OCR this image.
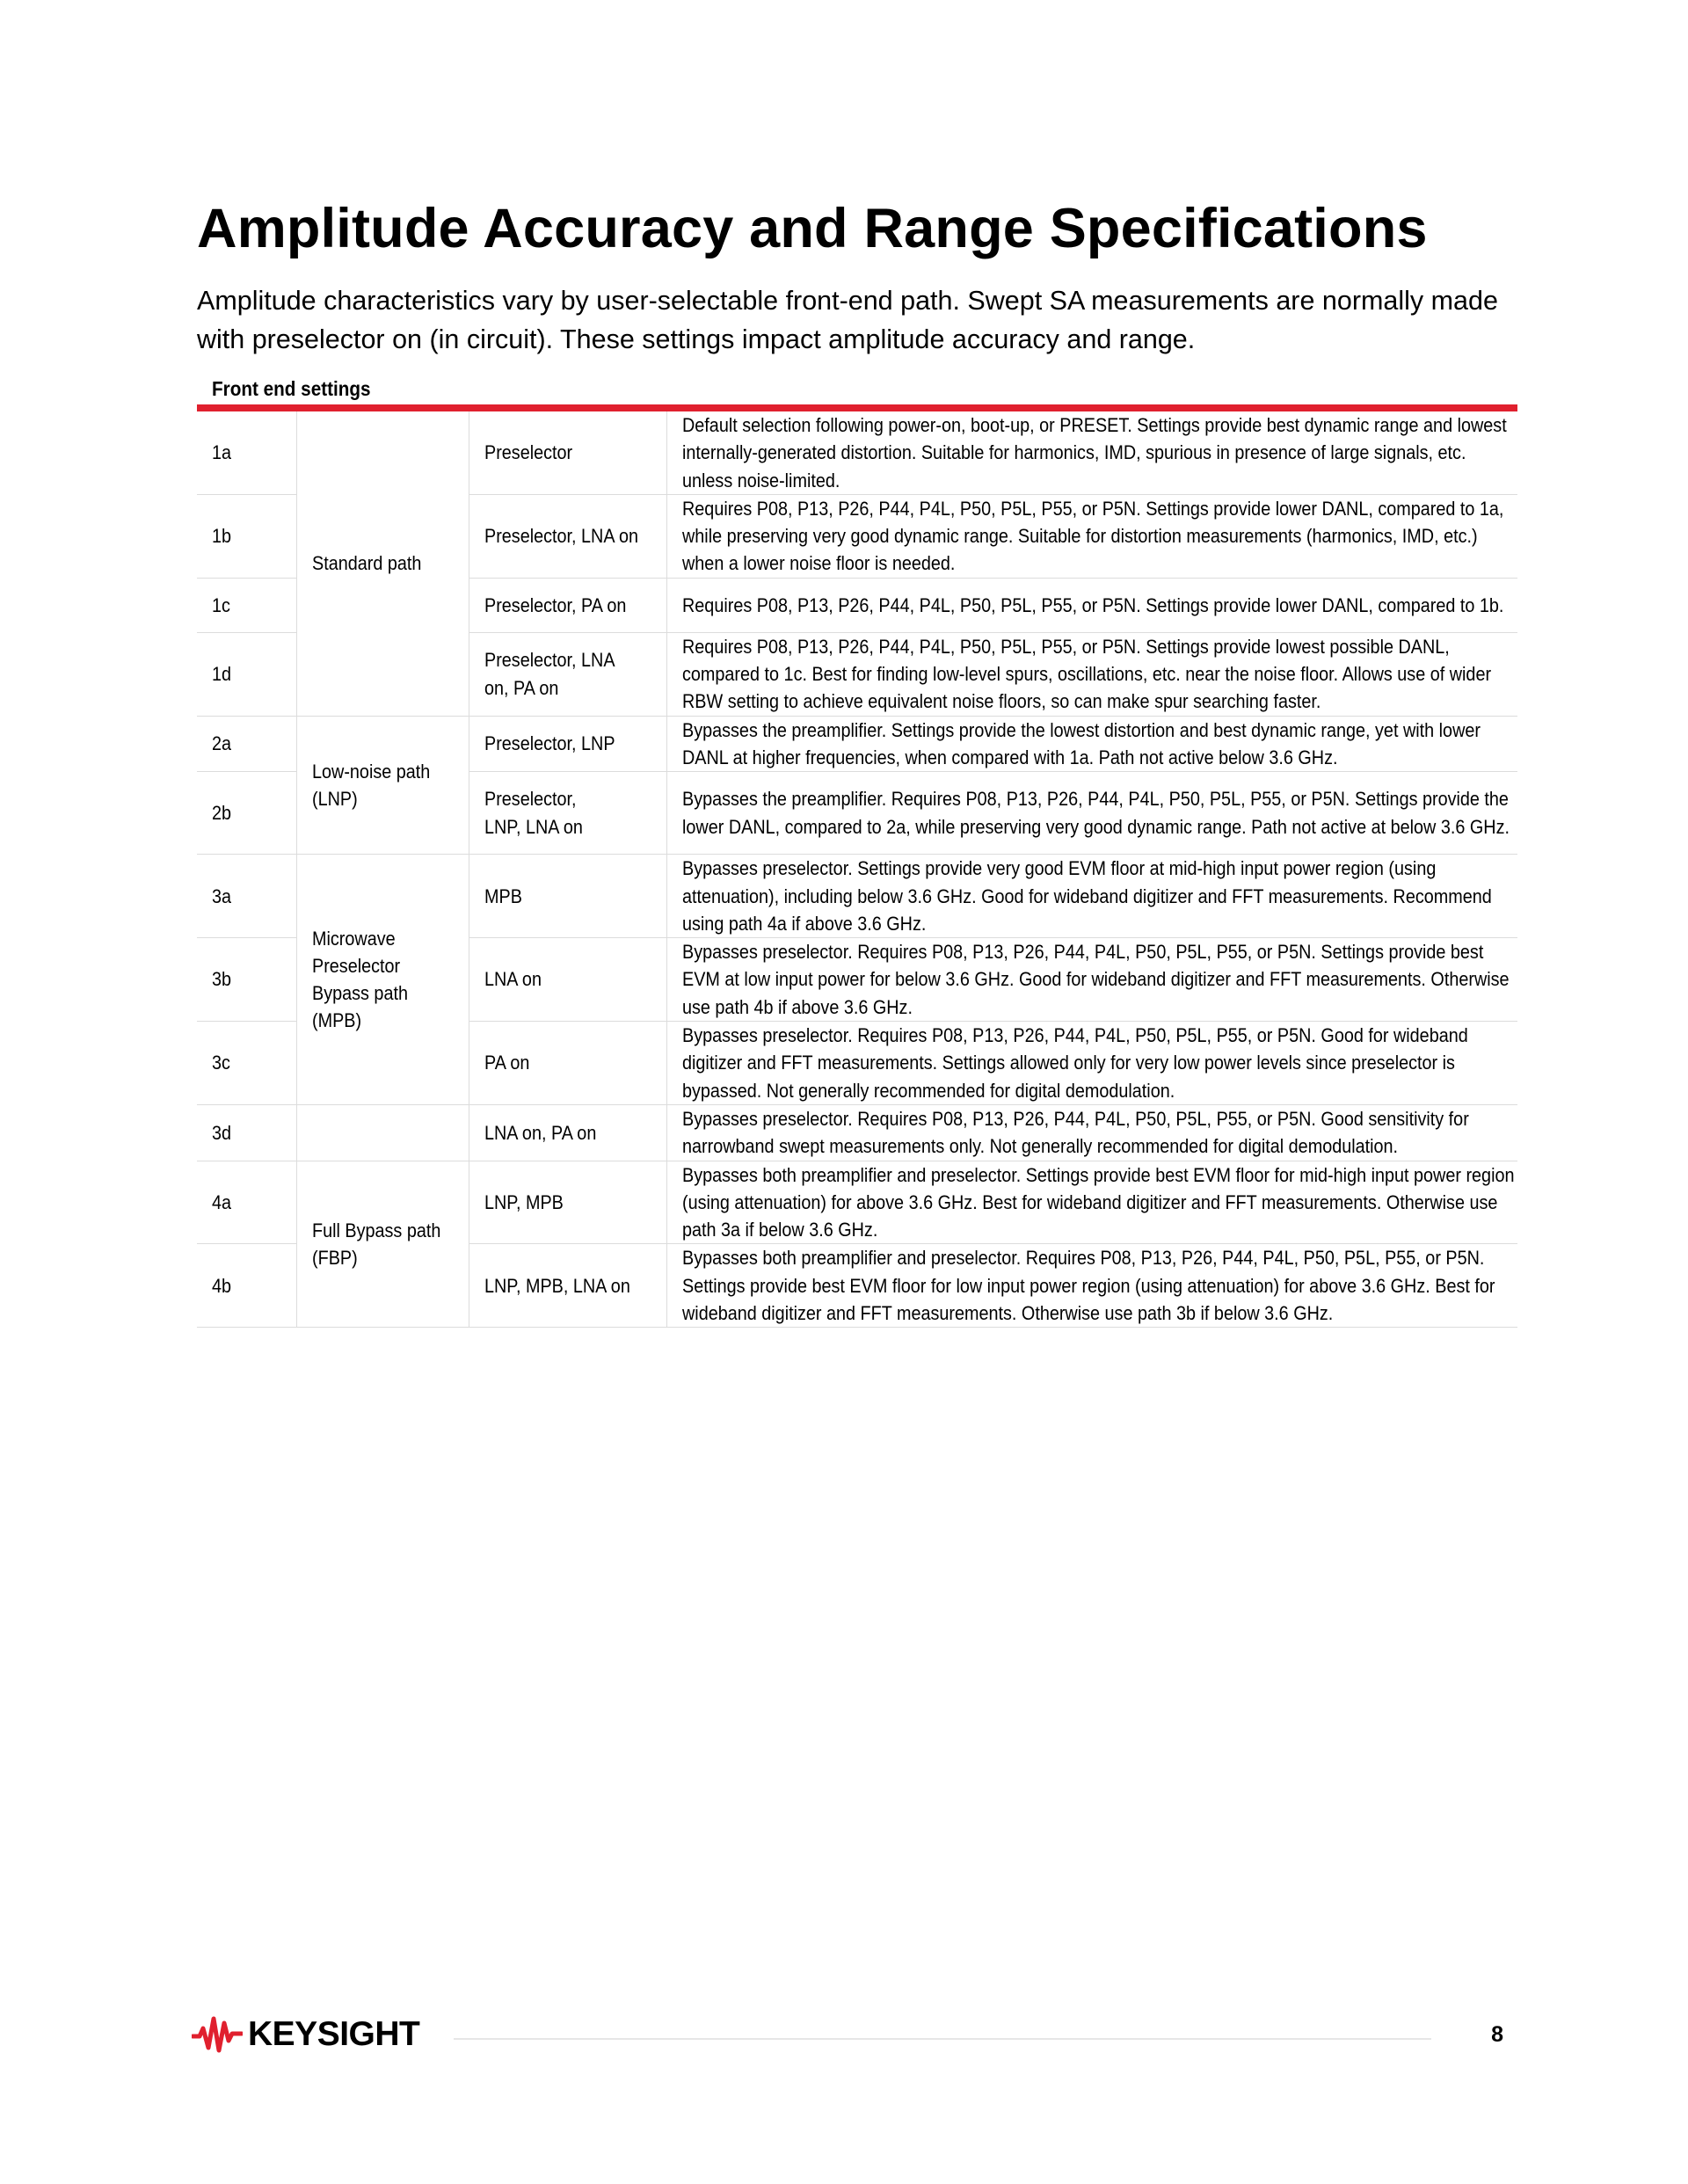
Amplitude Accuracy and Range Specifications

Amplitude characteristics vary by user-selectable front-end path. Swept SA measurements are normally made with preselector on (in circuit). These settings impact amplitude accuracy and range.

Front end settings
1a	Standard path	Preselector	Default selection following power-on, boot-up, or PRESET. Settings provide best dynamic range and lowest internally-generated distortion. Suitable for harmonics, IMD, spurious in presence of large signals, etc. unless noise-limited.

1b		Preselector, LNA on	Requires P08, P13, P26, P44, P4L, P50, P5L, P55, or P5N. Settings provide lower DANL, compared to 1a, while preserving very good dynamic range. Suitable for distortion measurements (harmonics, IMD, etc.) when a lower noise floor is needed.

1c		Preselector, PA on	Requires P08, P13, P26, P44, P4L, P50, P5L, P55, or P5N. Settings provide lower DANL, compared to 1b.

1d		Preselector, LNA on, PA on	Requires P08, P13, P26, P44, P4L, P50, P5L, P55, or P5N. Settings provide lowest possible DANL, compared to 1c. Best for finding low-level spurs, oscillations, etc. near the noise floor. Allows use of wider RBW setting to achieve equivalent noise floors, so can make spur searching faster.

2a	Low-noise path (LNP)	Preselector, LNP	Bypasses the preamplifier. Settings provide the lowest distortion and best dynamic range, yet with lower DANL at higher frequencies, when compared with 1a. Path not active below 3.6 GHz.

2b		Preselector, LNP, LNA on	Bypasses the preamplifier. Requires P08, P13, P26, P44, P4L, P50, P5L, P55, or P5N. Settings provide the lower DANL, compared to 2a, while preserving very good dynamic range. Path not active at below 3.6 GHz.

3a	Microwave Preselector Bypass path (MPB)	MPB	Bypasses preselector. Settings provide very good EVM floor at mid-high input power region (using attenuation), including below 3.6 GHz. Good for wideband digitizer and FFT measurements. Recommend using path 4a if above 3.6 GHz.

3b		LNA on	Bypasses preselector. Requires P08, P13, P26, P44, P4L, P50, P5L, P55, or P5N. Settings provide best EVM at low input power for below 3.6 GHz. Good for wideband digitizer and FFT measurements. Otherwise use path 4b if above 3.6 GHz.

3c		PA on	Bypasses preselector. Requires P08, P13, P26, P44, P4L, P50, P5L, P55, or P5N. Good for wideband digitizer and FFT measurements. Settings allowed only for very low power levels since preselector is bypassed. Not generally recommended for digital demodulation.

3d		LNA on, PA on	Bypasses preselector. Requires P08, P13, P26, P44, P4L, P50, P5L, P55, or P5N. Good sensitivity for narrowband swept measurements only. Not generally recommended for digital demodulation.

4a	Full Bypass path (FBP)	LNP, MPB	Bypasses both preamplifier and preselector. Settings provide best EVM floor for mid-high input power region (using attenuation) for above 3.6 GHz. Best for wideband digitizer and FFT measurements. Otherwise use path 3a if below 3.6 GHz.

4b		LNP, MPB, LNA on	Bypasses both preamplifier and preselector. Requires P08, P13, P26, P44, P4L, P50, P5L, P55, or P5N. Settings provide best EVM floor for low input power region (using attenuation) for above 3.6 GHz. Best for wideband digitizer and FFT measurements. Otherwise use path 3b if below 3.6 GHz.
KEYSIGHT	8
